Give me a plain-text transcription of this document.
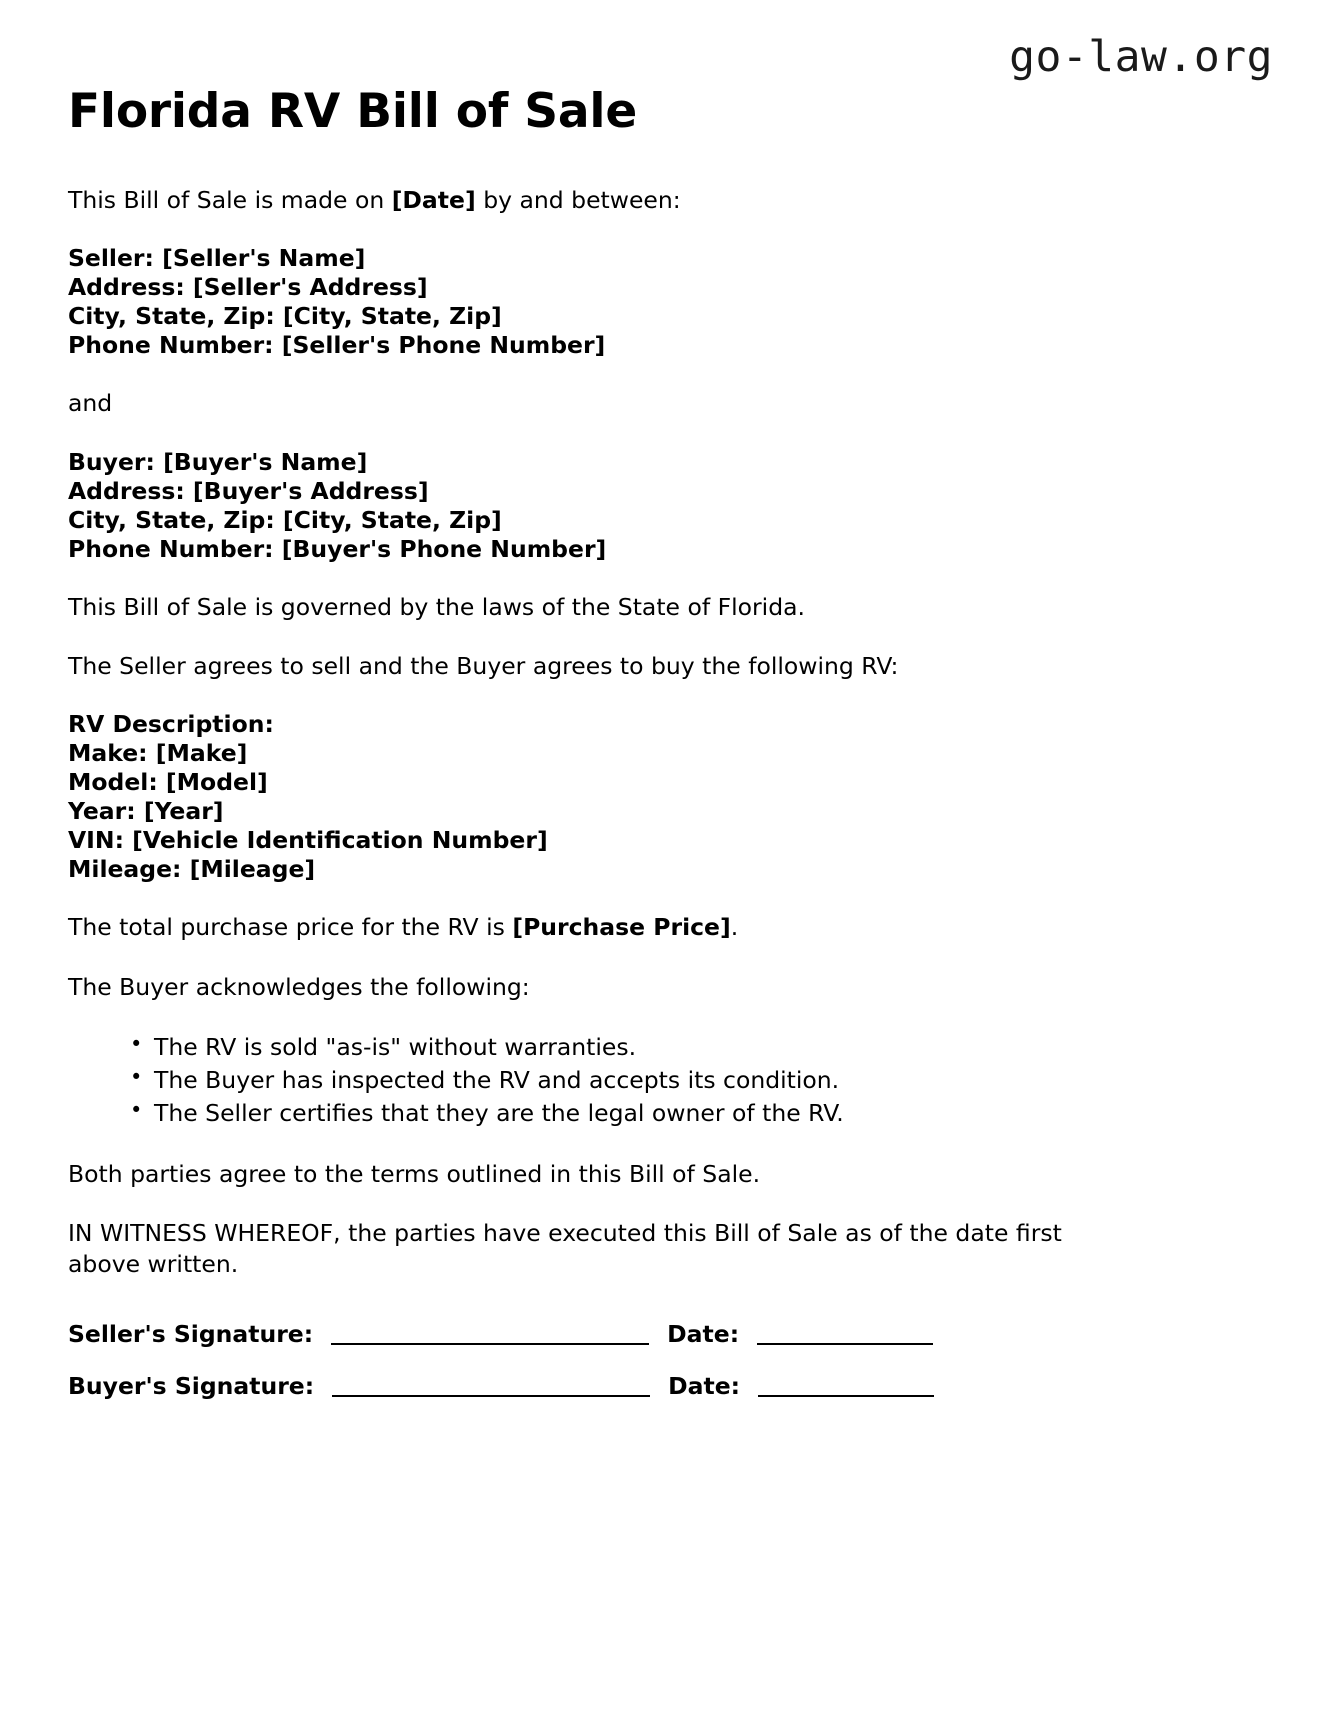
go-law.org
Florida RV Bill of Sale

This Bill of Sale is made on [Date] by and between:

Seller: [Seller's Name]
Address: [Seller's Address]
City, State, Zip: [City, State, Zip]
Phone Number: [Seller's Phone Number]

and

Buyer: [Buyer's Name]
Address: [Buyer's Address]
City, State, Zip: [City, State, Zip]
Phone Number: [Buyer's Phone Number]

This Bill of Sale is governed by the laws of the State of Florida.

The Seller agrees to sell and the Buyer agrees to buy the following RV:

RV Description:
Make: [Make]
Model: [Model]
Year: [Year]
VIN: [Vehicle Identification Number]
Mileage: [Mileage]

The total purchase price for the RV is [Purchase Price].

The Buyer acknowledges the following:

• The RV is sold "as-is" without warranties.
• The Buyer has inspected the RV and accepts its condition.
• The Seller certifies that they are the legal owner of the RV.

Both parties agree to the terms outlined in this Bill of Sale.

IN WITNESS WHEREOF, the parties have executed this Bill of Sale as of the date first above written.

Seller's Signature:	Date:
Buyer's Signature:	Date:
